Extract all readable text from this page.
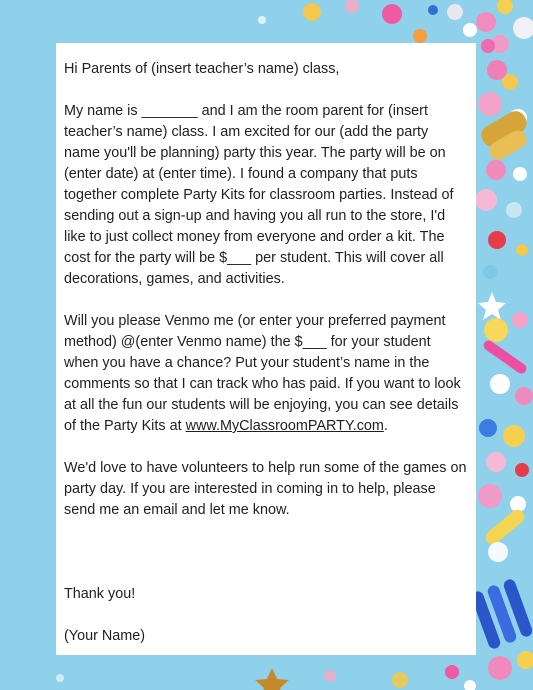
Hi Parents of (insert teacher’s name) class,

My name is _______ and I am the room parent for (insert teacher’s name) class. I am excited for our (add the party name you'll be planning) party this year. The party will be on (enter date) at (enter time). I found a company that puts together complete Party Kits for classroom parties. Instead of sending out a sign-up and having you all run to the store, I'd like to just collect money from everyone and order a kit. The cost for the party will be $___ per student. This will cover all decorations, games, and activities.

Will you please Venmo me (or enter your preferred payment method) @(enter Venmo name) the $___ for your student when you have a chance? Put your student’s name in the comments so that I can track who has paid. If you want to look at all the fun our students will be enjoying, you can see details of the Party Kits at www.MyClassroomPARTY.com.

We'd love to have volunteers to help run some of the games on party day. If you are interested in coming in to help, please send me an email and let me know.

Thank you!

(Your Name)
